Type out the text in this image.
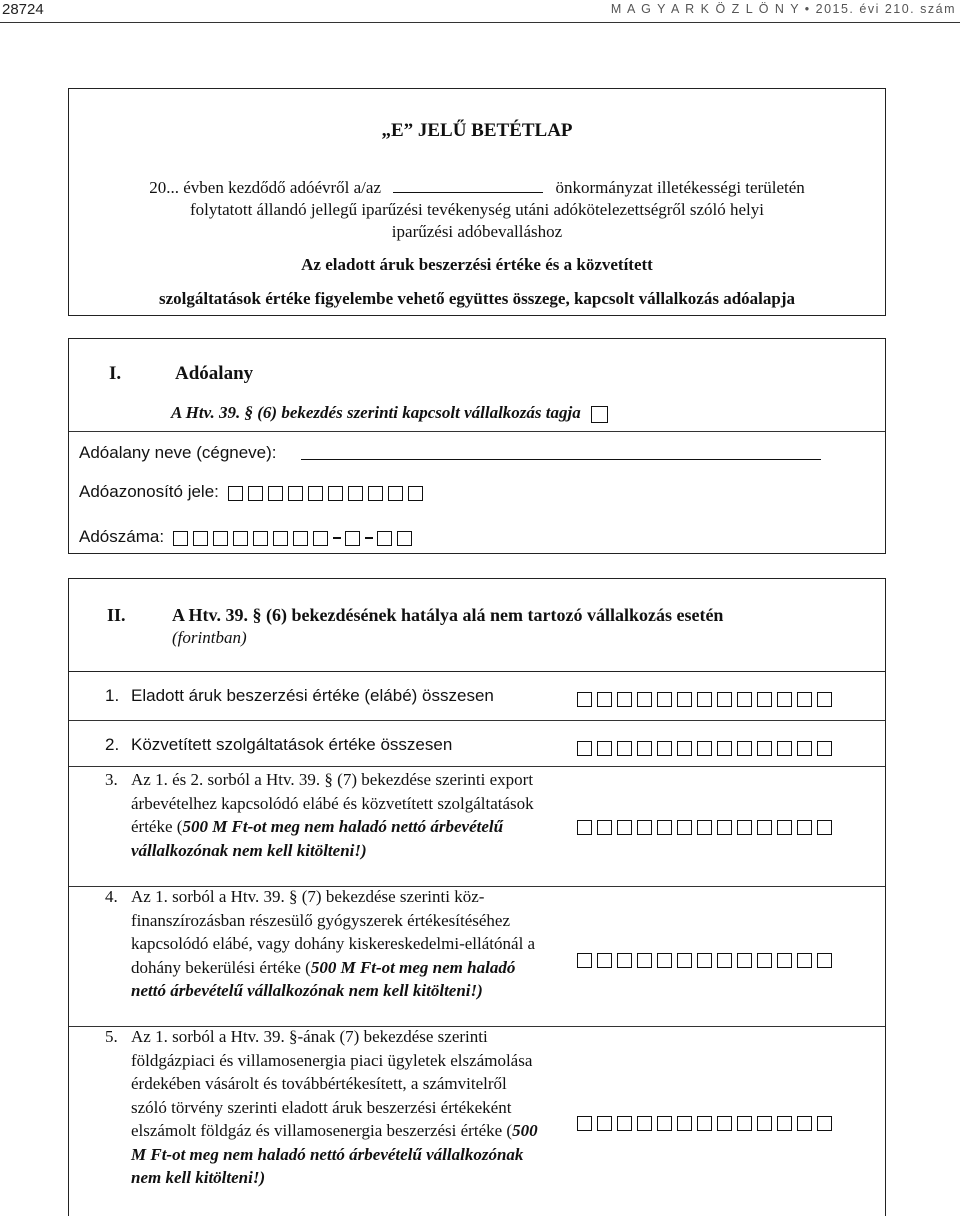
28724	M A G Y A R K Ö Z L Ö N Y • 2015. évi 210. szám
„E” JELŰ BETÉTLAP
20... évben kezdődő adóévről a/az	önkormányzat illetékességi területén
folytatott állandó jellegű iparűzési tevékenység utáni adókötelezettségről szóló helyi
iparűzési adóbevalláshoz
Az eladott áruk beszerzési értéke és a közvetített
szolgáltatások értéke figyelembe vehető együttes összege, kapcsolt vállalkozás adóalapja
I.	Adóalany
A Htv. 39. § (6) bekezdés szerinti kapcsolt vállalkozás tagja
Adóalany neve (cégneve):
Adóazonosító jele:
Adószáma:
II.	A Htv. 39. § (6) bekezdésének hatálya alá nem tartozó vállalkozás esetén
(forintban)
1. Eladott áruk beszerzési értéke (elábé) összesen
2. Közvetített szolgáltatások értéke összesen
3. Az 1. és 2. sorból a Htv. 39. § (7) bekezdése szerinti export árbevételhez kapcsolódó elábé és közvetített szolgáltatások értéke (500 M Ft-ot meg nem haladó nettó árbevételű vállalkozónak nem kell kitölteni!)
4. Az 1. sorból a Htv. 39. § (7) bekezdése szerinti köz-finanszírozásban részesülő gyógyszerek értékesítéséhez kapcsolódó elábé, vagy dohány kiskereskedelmi-ellátónál a dohány bekerülési értéke (500 M Ft-ot meg nem haladó nettó árbevételű vállalkozónak nem kell kitölteni!)
5. Az 1. sorból a Htv. 39. §-ának (7) bekezdése szerinti földgázpiaci és villamosenergia piaci ügyletek elszámolása érdekében vásárolt és továbbértékesített, a számvitelről szóló törvény szerinti eladott áruk beszerzési értékeként elszámolt földgáz és villamosenergia beszerzési értéke (500 M Ft-ot meg nem haladó nettó árbevételű vállalkozónak nem kell kitölteni!)
